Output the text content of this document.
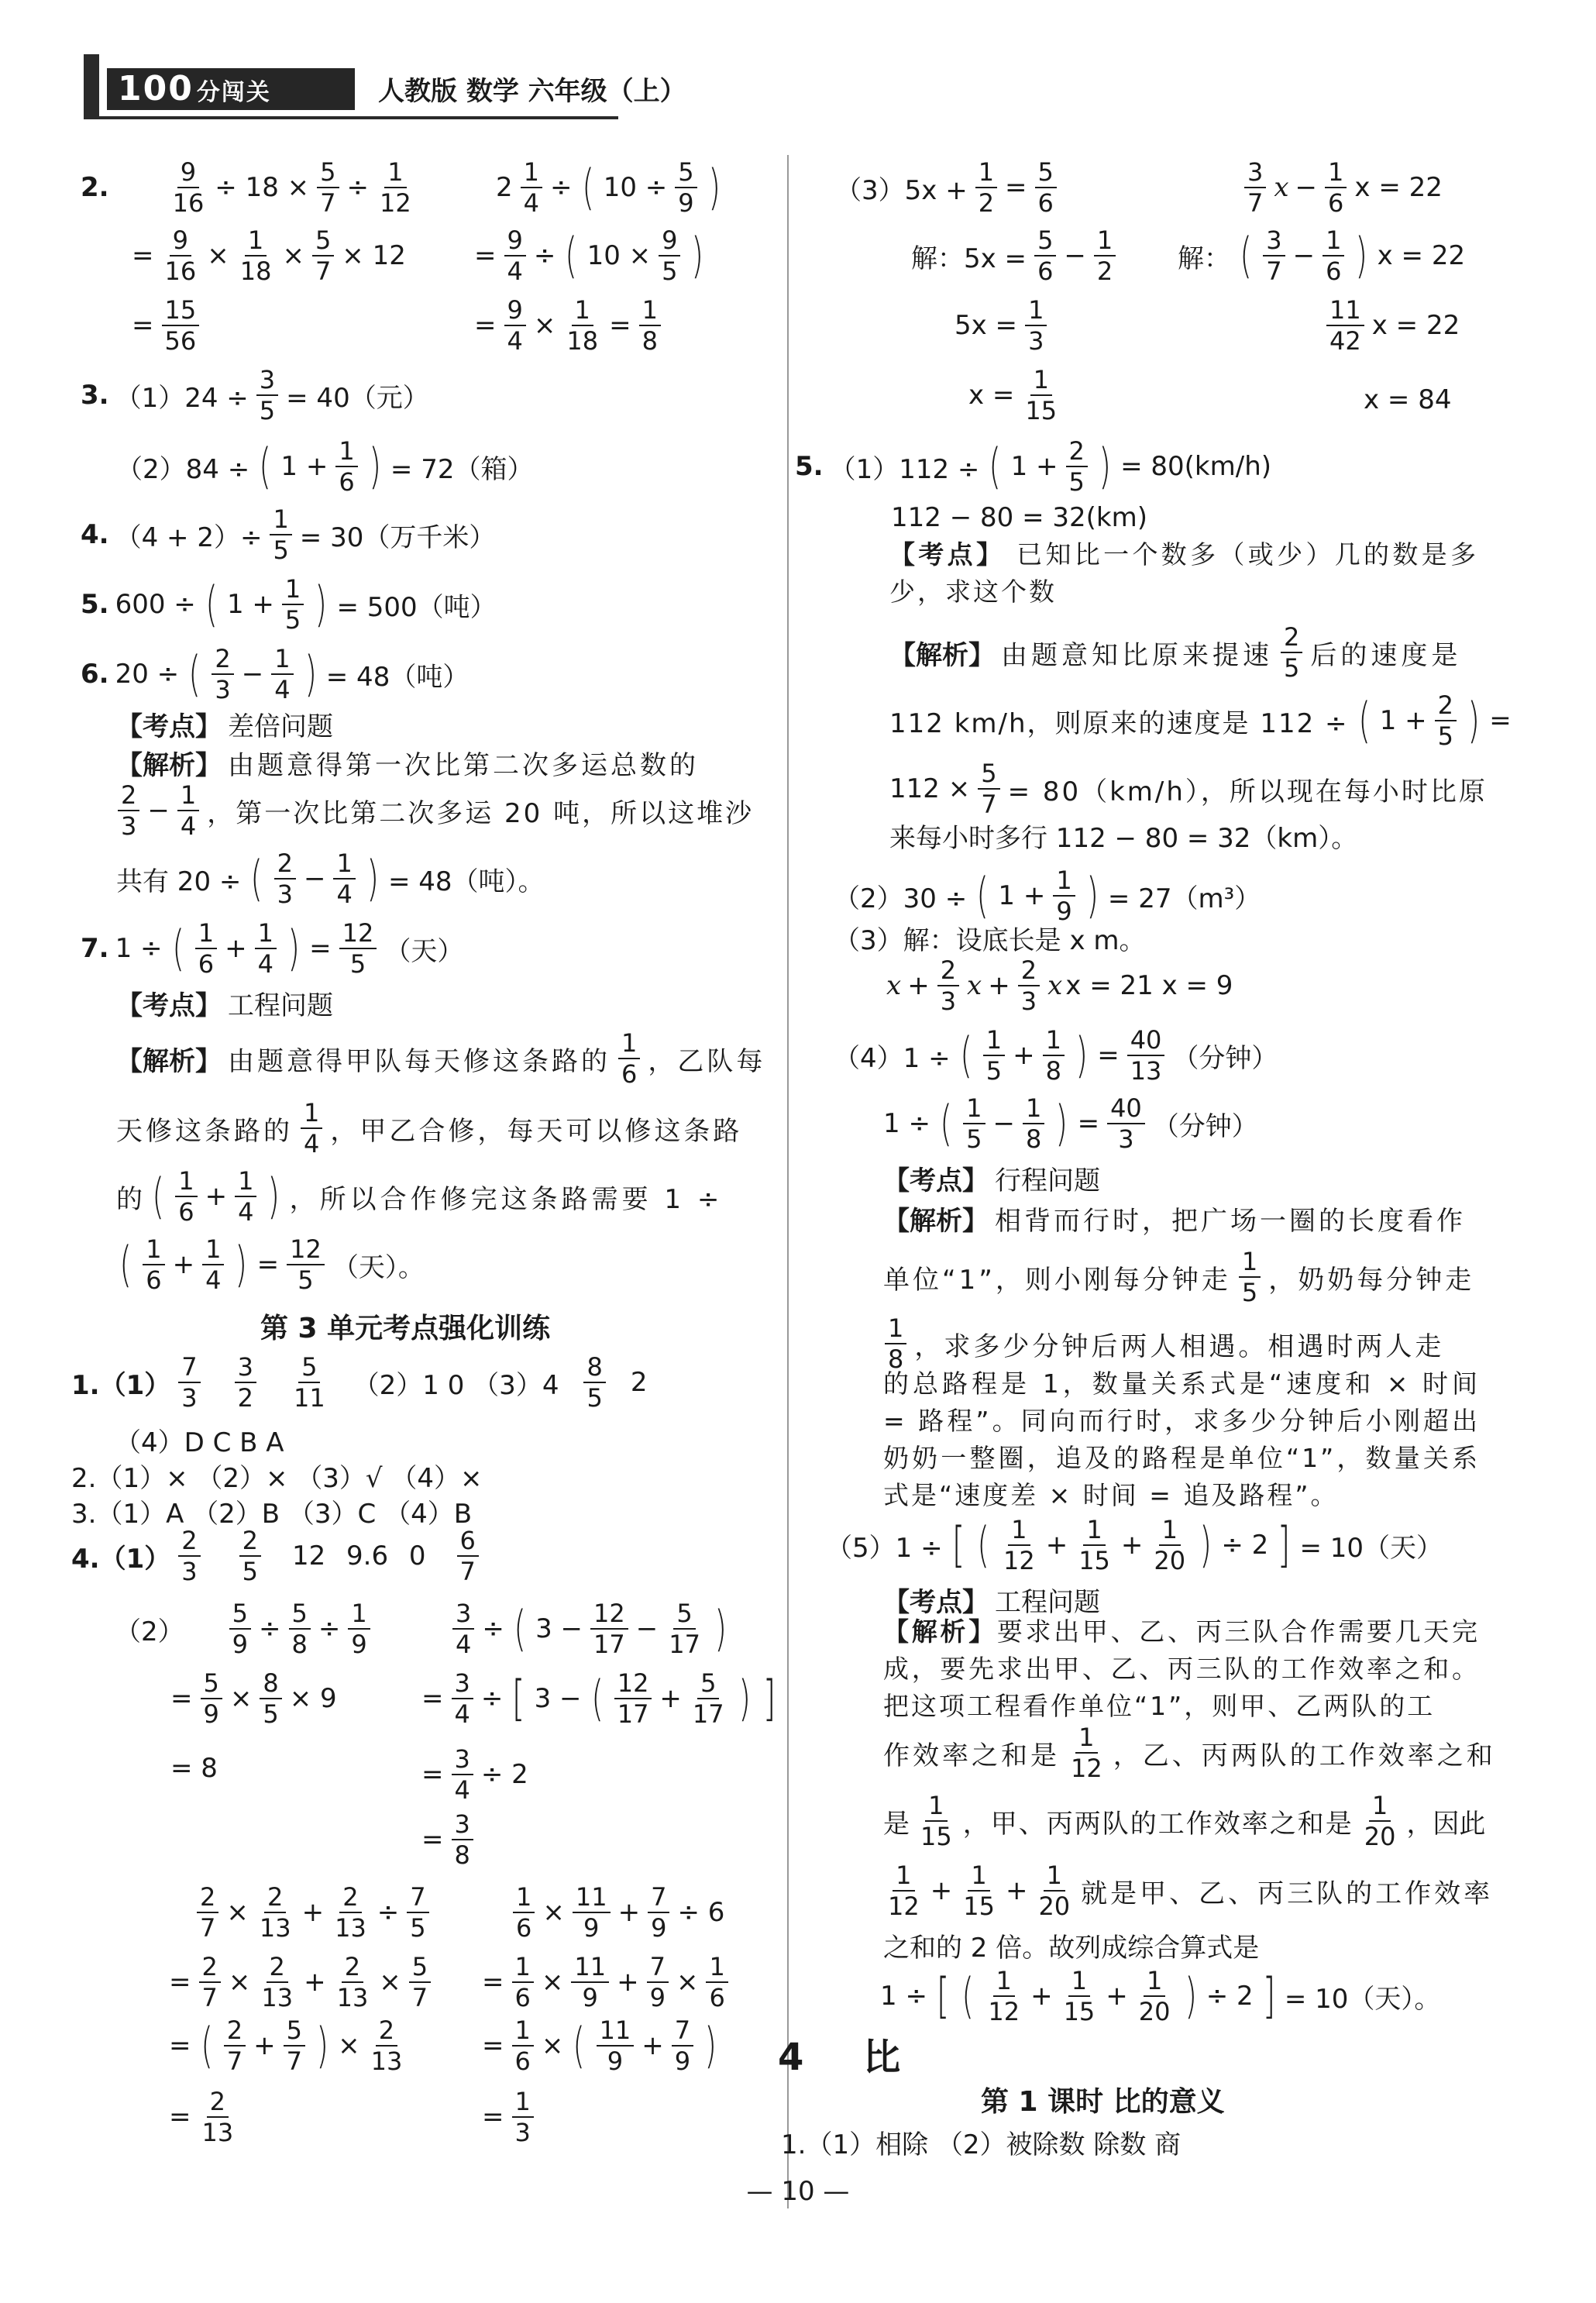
100 分闯关	人教版 数学 六年级（上）
2. $\frac{9}{16} \div 18 \times \frac{5}{7} \div \frac{1}{12}$
= $\frac{9}{16} \times \frac{1}{18} \times \frac{5}{7} \times 12$
= $\frac{15}{56}$
$2 \frac{1}{4}$ ÷ ( $10 \div \frac{5}{9}$ )
= $\frac{9}{4}$ ÷ ( $10 \times \frac{9}{5}$ )
= $\frac{9}{4} \times \frac{1}{18} = \frac{1}{8}$
3. $(1)24 \div \frac{3}{5} = 40$（元）
（2）84 ÷ ( $1 + \frac{1}{6}$ ) = 72（箱）
4. $(4 + 2)\div \frac{1}{5} = 30$（万千米）
5. 600 ÷ ( $1 + \frac{1}{5}$ ) = 500（吨）
6. 20 ÷ ( $\frac{2}{3} - \frac{1}{4}$ ) = 48（吨）
【考点】 差倍问题
【解析】 由题意得第一次比第二次多运总数的
$\frac{2}{3} - \frac{1}{4}$ ，第一次比第二次多运 20 吨，所以这堆沙
共有 20 ÷ ( $\frac{2}{3} - \frac{1}{4}$ ) = 48（吨）。
7. 1 ÷ ( $\frac{1}{6} + \frac{1}{4}$ ) = $\frac{12}{5}$ （天）
【考点】 工程问题
【解析】 由题意得甲队每天修这条路的 $\frac{1}{6}$ ，乙队每
天修这条路的 $\frac{1}{4}$ ，甲乙合修，每天可以修这条路
的 ( $\frac{1}{6} + \frac{1}{4}$ ) ，所以合作修完这条路需要 1 ÷
( $\frac{1}{6} + \frac{1}{4}$ ) = $\frac{12}{5}$ （天）。
第 3 单元考点强化训练
$1.(1) \frac{7}{3} \frac{3}{2} \frac{5}{11} (2)1$ 0 $(3)4 \frac{8}{5} 2$
（4）D C B A
2.（1）× （2）× （3）√ （4）×
3.（1）A （2）B （3）C （4）B
$4.(1) \frac{2}{3} \frac{2}{5} 12$ 9.6 $0 \frac{6}{7}$
$(2) \frac{5}{9} \div \frac{5}{8} \div \frac{1}{9}$
= $\frac{5}{9} \times \frac{8}{5} \times 9$
= 8
$\frac{3}{4}$ ÷ ( $3 - \frac{12}{17} - \frac{5}{17}$ )
= $\frac{3}{4}$ ÷ [ 3 − ( $\frac{12}{17} + \frac{5}{17}$ ) ]
= $\frac{3}{4} \div 2$
= $\frac{3}{8}$
$\frac{2}{7} \times \frac{2}{13} + \frac{2}{13} \div \frac{7}{5}$
= $\frac{2}{7} \times \frac{2}{13} + \frac{2}{13} \times \frac{5}{7}$
= ( $\frac{2}{7} + \frac{5}{7}$ ) × $\frac{2}{13}$
= $\frac{2}{13}$
$\frac{1}{6} \times \frac{11}{9} + \frac{7}{9} \div 6$
= $\frac{1}{6} \times \frac{11}{9} + \frac{7}{9} \times \frac{1}{6}$
= $\frac{1}{6}$ × ( $\frac{11}{9} + \frac{7}{9}$ )
= $\frac{1}{3}$
$(3)5x + \frac{1}{2} = \frac{5}{6}$
解：$5x = \frac{5}{6} - \frac{1}{2}$
$5x = \frac{1}{3}$
$x = \frac{1}{15}$
$\frac{3}{7}$ $x - \frac{1}{6}$ x = 22
解： ( $\frac{3}{7} - \frac{1}{6}$ ) x = 22
$\frac{11}{42}$ x = 22
x = 84
5. （1）112 ÷ ( $1 + \frac{2}{5}$ ) = 80(km/h)
112 − 80 = 32(km)
【考点】 已知比一个数多（或少）几的数是多少，求这个数
【解析】 由题意知比原来提速 $\frac{2}{5}$ 后的速度是
112 km/h，则原来的速度是 112 ÷ ( $1 + \frac{2}{5}$ ) =
$112 \times \frac{5}{7} = 80(km/h)$，所以现在每小时比原
来每小时多行 112 − 80 = 32（km）。
（2）30 ÷ ( $1 + \frac{1}{9}$ ) = 27（m³）
（3）解：设底长是 x m。
$x + \frac{2}{3}$ $x + \frac{2}{3}$ x x = 21 x = 9
（4）1 ÷ ( $\frac{1}{5} + \frac{1}{8}$ ) = $\frac{40}{13}$ （分钟）
1 ÷ ( $\frac{1}{5} - \frac{1}{8}$ ) = $\frac{40}{3}$ （分钟）
【考点】 行程问题
【解析】 相背而行时，把广场一圈的长度看作
单位“1”，则小刚每分钟走 $\frac{1}{5}$ ，奶奶每分钟走
$\frac{1}{8}$ ，求多少分钟后两人相遇。相遇时两人走
的总路程是 1，数量关系式是“速度和 × 时间 = 路程”。同向而行时，求多少分钟后小刚超出奶奶一整圈，追及的路程是单位“1”，数量关系式是“速度差 × 时间 = 追及路程”。
（5）1 ÷ [ ( $\frac{1}{12} + \frac{1}{15} + \frac{1}{20}$ ) ÷ 2 ] = 10（天）
【考点】 工程问题
【解析】要求出甲、乙、丙三队合作需要几天完成，要先求出甲、乙、丙三队的工作效率之和。把这项工程看作单位“1”，则甲、乙两队的工
作效率之和是 $\frac{1}{12}$ ，乙、丙两队的工作效率之和
是 $\frac{1}{15}$ ，甲、丙两队的工作效率之和是 $\frac{1}{20}$ ，因此
$\frac{1}{12} + \frac{1}{15} + \frac{1}{20}$ 就是甲、乙、丙三队的工作效率
之和的 2 倍。故列成综合算式是
1 ÷ [ ( $\frac{1}{12} + \frac{1}{15} + \frac{1}{20}$ ) ÷ 2 ] = 10（天）。
4 比
第 1 课时 比的意义
1.（1）相除 （2）被除数 除数 商
— 10 —
